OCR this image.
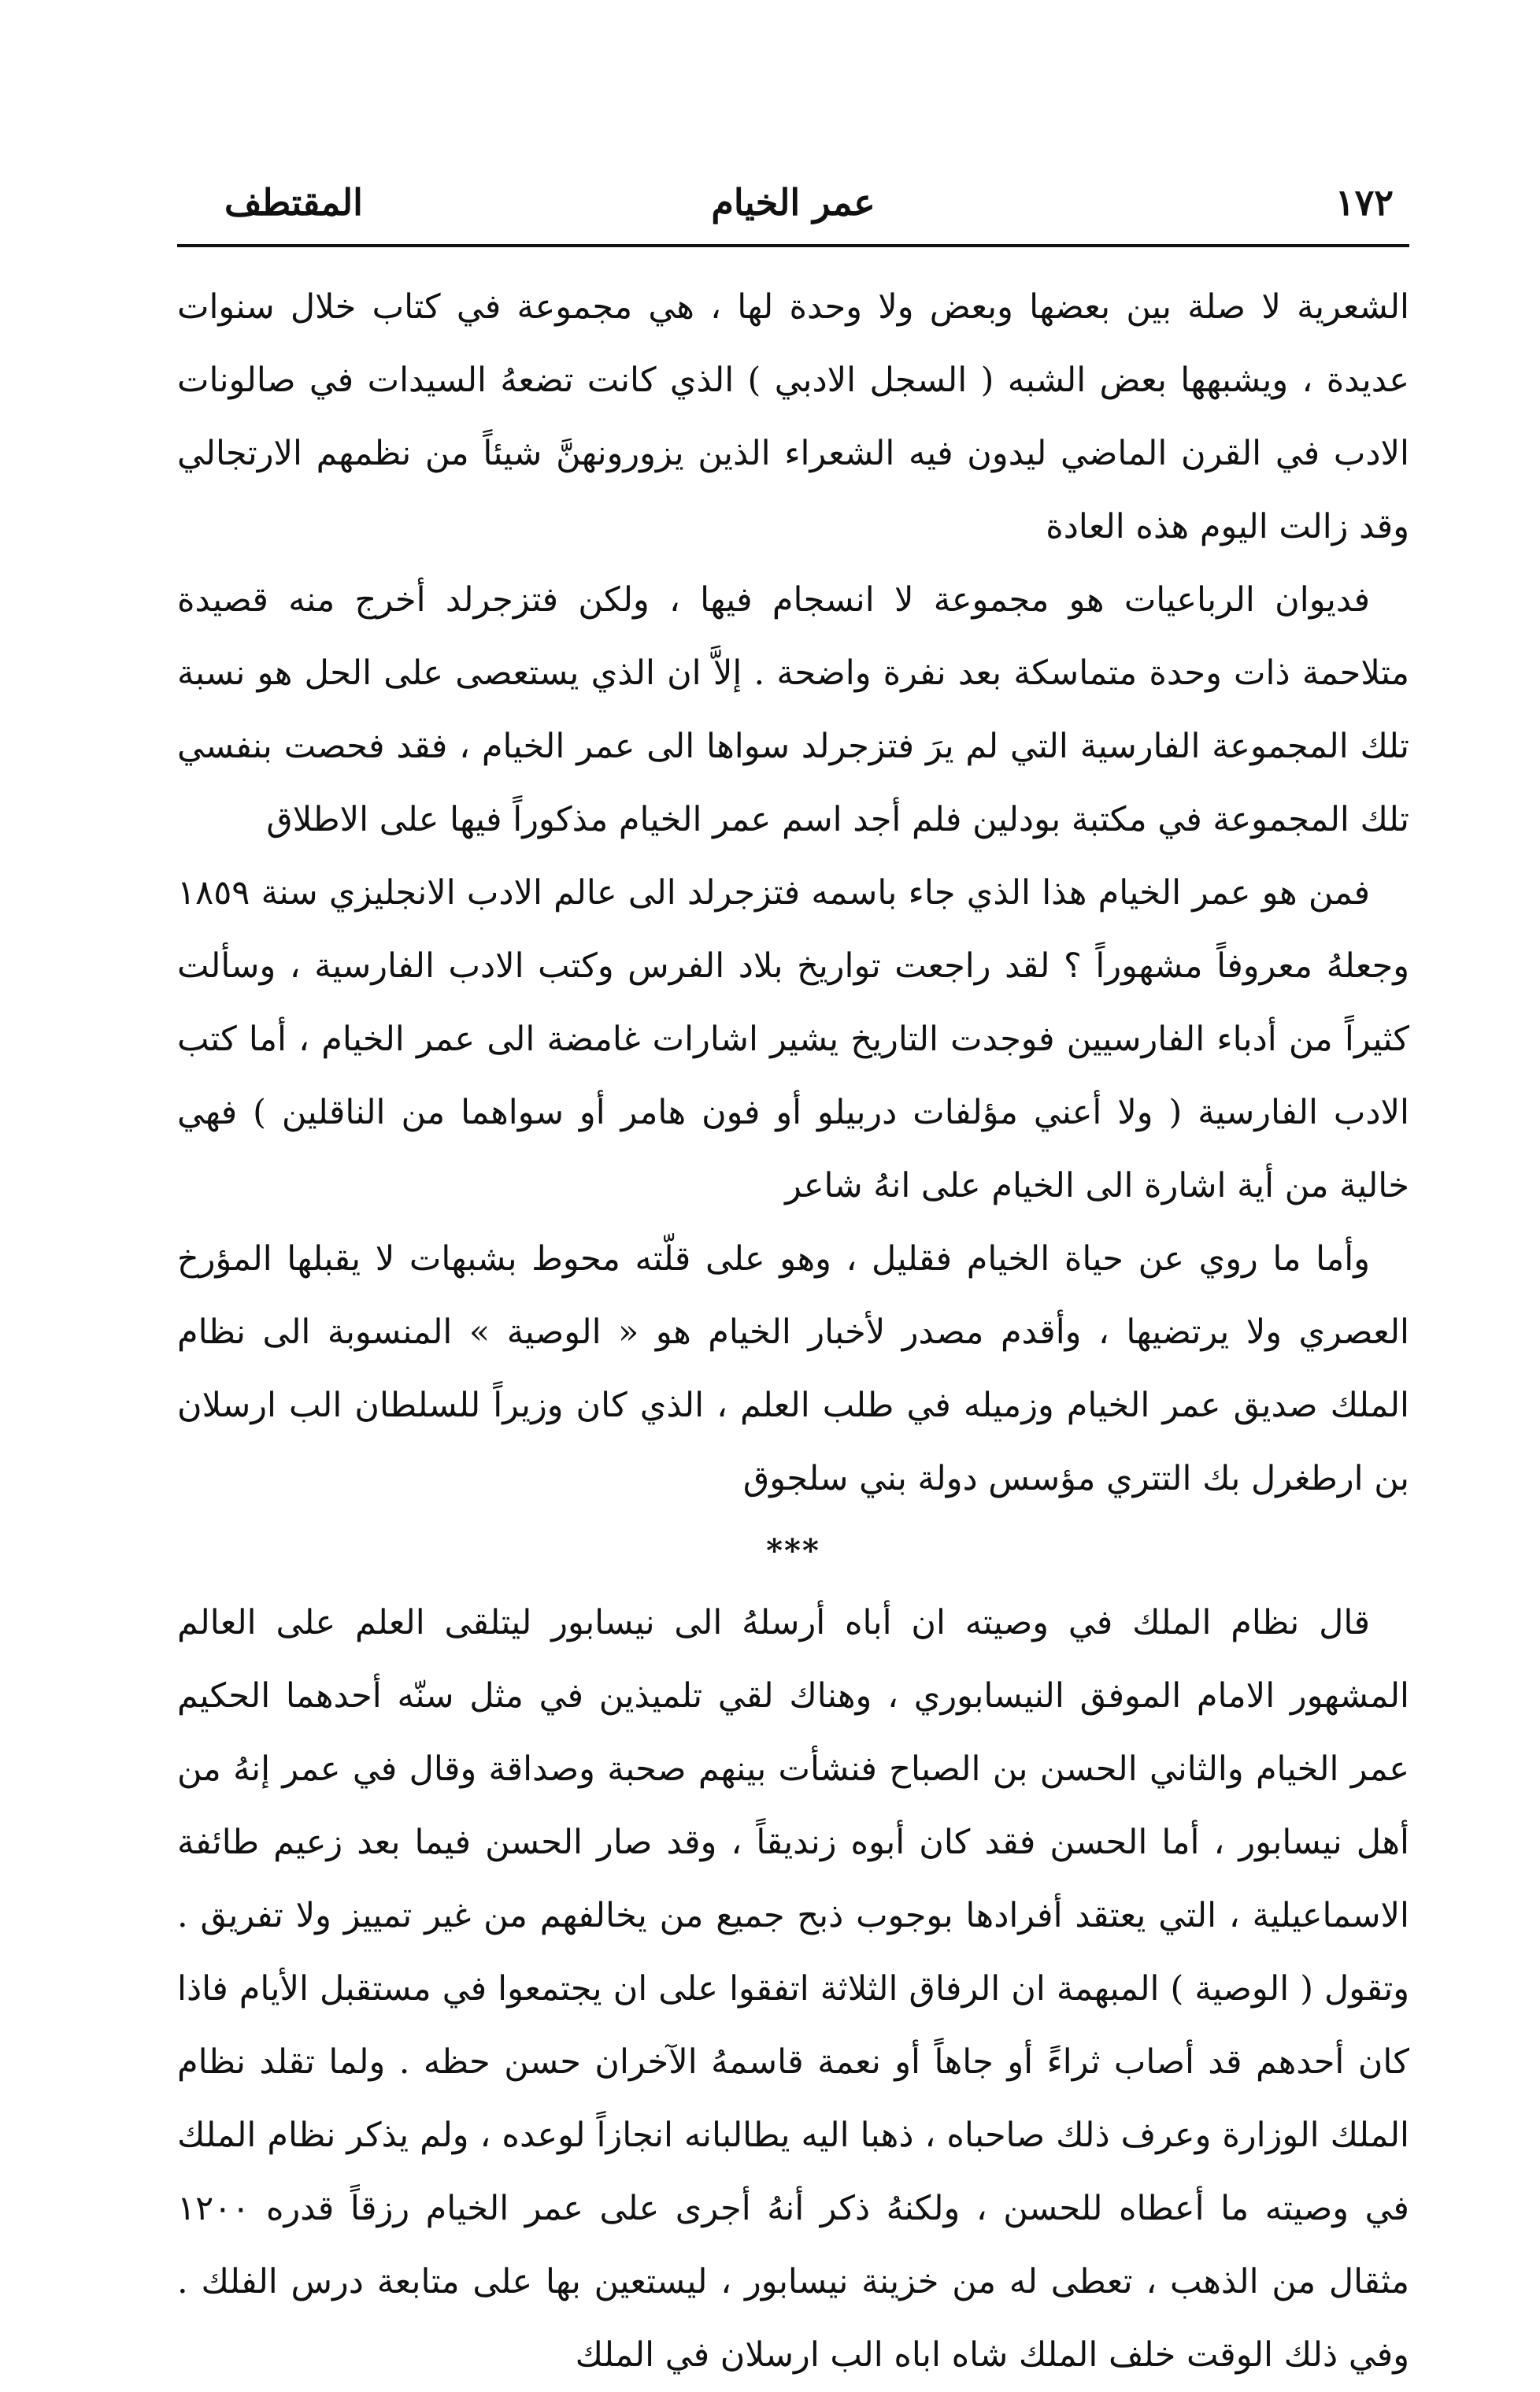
١٧٢
عمر الخيام
المقتطف

الشعرية لا صلة بين بعضها وبعض ولا وحدة لها ، هي مجموعة في كتاب خلال سنوات عديدة ، ويشبهها بعض الشبه ( السجل الادبي ) الذي كانت تضعهُ السيدات في صالونات الادب في القرن الماضي ليدون فيه الشعراء الذين يزورونهنَّ شيئاً من نظمهم الارتجالي وقد زالت اليوم هذه العادة

فديوان الرباعيات هو مجموعة لا انسجام فيها ، ولكن فتزجرلد أخرج منه قصيدة متلاحمة ذات وحدة متماسكة بعد نفرة واضحة . إلاَّ ان الذي يستعصى على الحل هو نسبة تلك المجموعة الفارسية التي لم يرَ فتزجرلد سواها الى عمر الخيام ، فقد فحصت بنفسي تلك المجموعة في مكتبة بودلين فلم أجد اسم عمر الخيام مذكوراً فيها على الاطلاق

فمن هو عمر الخيام هذا الذي جاء باسمه فتزجرلد الى عالم الادب الانجليزي سنة ١٨٥٩ وجعلهُ معروفاً مشهوراً ؟ لقد راجعت تواريخ بلاد الفرس وكتب الادب الفارسية ، وسألت كثيراً من أدباء الفارسيين فوجدت التاريخ يشير اشارات غامضة الى عمر الخيام ، أما كتب الادب الفارسية ( ولا أعني مؤلفات دربيلو أو فون هامر أو سواهما من الناقلين ) فهي خالية من أية اشارة الى الخيام على انهُ شاعر

وأما ما روي عن حياة الخيام فقليل ، وهو على قلّته محوط بشبهات لا يقبلها المؤرخ العصري ولا يرتضيها ، وأقدم مصدر لأخبار الخيام هو « الوصية » المنسوبة الى نظام الملك صديق عمر الخيام وزميله في طلب العلم ، الذي كان وزيراً للسلطان الب ارسلان بن ارطغرل بك التتري مؤسس دولة بني سلجوق

***

قال نظام الملك في وصيته ان أباه أرسلهُ الى نيسابور ليتلقى العلم على العالم المشهور الامام الموفق النيسابوري ، وهناك لقي تلميذين في مثل سنّه أحدهما الحكيم عمر الخيام والثاني الحسن بن الصباح فنشأت بينهم صحبة وصداقة وقال في عمر إنهُ من أهل نيسابور ، أما الحسن فقد كان أبوه زنديقاً ، وقد صار الحسن فيما بعد زعيم طائفة الاسماعيلية ، التي يعتقد أفرادها بوجوب ذبح جميع من يخالفهم من غير تمييز ولا تفريق . وتقول ( الوصية ) المبهمة ان الرفاق الثلاثة اتفقوا على ان يجتمعوا في مستقبل الأيام فاذا كان أحدهم قد أصاب ثراءً أو جاهاً أو نعمة قاسمهُ الآخران حسن حظه . ولما تقلد نظام الملك الوزارة وعرف ذلك صاحباه ، ذهبا اليه يطالبانه انجازاً لوعده ، ولم يذكر نظام الملك في وصيته ما أعطاه للحسن ، ولكنهُ ذكر أنهُ أجرى على عمر الخيام رزقاً قدره ١٢٠٠ مثقال من الذهب ، تعطى له من خزينة نيسابور ، ليستعين بها على متابعة درس الفلك . وفي ذلك الوقت خلف الملك شاه اباه الب ارسلان في الملك
